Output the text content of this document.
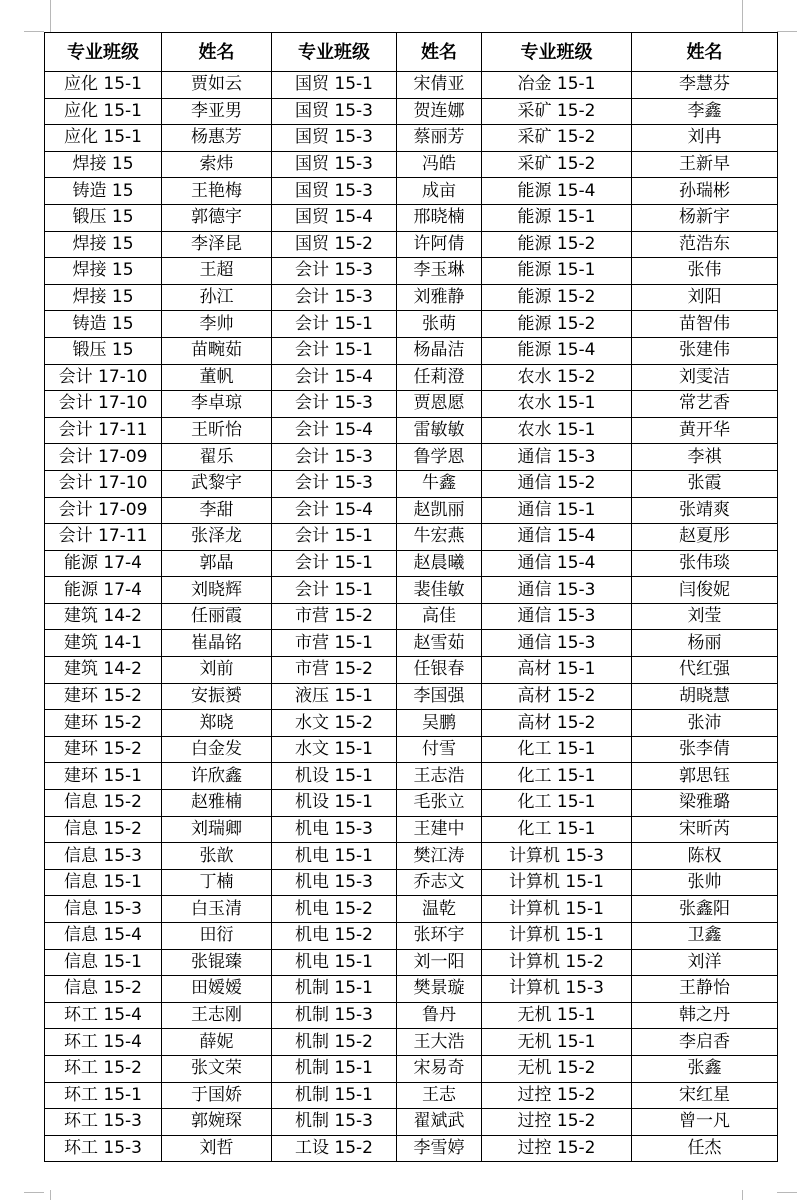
专业班级	姓名	专业班级	姓名	专业班级	姓名
应化 15-1	贾如云	国贸 15-1	宋倩亚	冶金 15-1	李慧芬
应化 15-1	李亚男	国贸 15-3	贺连娜	采矿 15-2	李鑫
应化 15-1	杨惠芳	国贸 15-3	蔡丽芳	采矿 15-2	刘冉
焊接 15	索炜	国贸 15-3	冯皓	采矿 15-2	王新早
铸造 15	王艳梅	国贸 15-3	成亩	能源 15-4	孙瑞彬
锻压 15	郭德宇	国贸 15-4	邢晓楠	能源 15-1	杨新宇
焊接 15	李泽昆	国贸 15-2	许阿倩	能源 15-2	范浩东
焊接 15	王超	会计 15-3	李玉琳	能源 15-1	张伟
焊接 15	孙江	会计 15-3	刘雅静	能源 15-2	刘阳
铸造 15	李帅	会计 15-1	张萌	能源 15-2	苗智伟
锻压 15	苗畹茹	会计 15-1	杨晶洁	能源 15-4	张建伟
会计 17-10	董帆	会计 15-4	任莉澄	农水 15-2	刘雯洁
会计 17-10	李卓琼	会计 15-3	贾恩愿	农水 15-1	常艺香
会计 17-11	王昕怡	会计 15-4	雷敏敏	农水 15-1	黄开华
会计 17-09	翟乐	会计 15-3	鲁学恩	通信 15-3	李祺
会计 17-10	武黎宇	会计 15-3	牛鑫	通信 15-2	张霞
会计 17-09	李甜	会计 15-4	赵凯丽	通信 15-1	张靖爽
会计 17-11	张泽龙	会计 15-1	牛宏燕	通信 15-4	赵夏彤
能源 17-4	郭晶	会计 15-1	赵晨曦	通信 15-4	张伟琰
能源 17-4	刘晓辉	会计 15-1	裴佳敏	通信 15-3	闫俊妮
建筑 14-2	任丽霞	市营 15-2	高佳	通信 15-3	刘莹
建筑 14-1	崔晶铭	市营 15-1	赵雪茹	通信 15-3	杨丽
建筑 14-2	刘前	市营 15-2	任银春	高材 15-1	代红强
建环 15-2	安振赟	液压 15-1	李国强	高材 15-2	胡晓慧
建环 15-2	郑晓	水文 15-2	吴鹏	高材 15-2	张沛
建环 15-2	白金发	水文 15-1	付雪	化工 15-1	张李倩
建环 15-1	许欣鑫	机设 15-1	王志浩	化工 15-1	郭思钰
信息 15-2	赵雅楠	机设 15-1	毛张立	化工 15-1	梁雅璐
信息 15-2	刘瑞卿	机电 15-3	王建中	化工 15-1	宋昕芮
信息 15-3	张歆	机电 15-1	樊江涛	计算机 15-3	陈权
信息 15-1	丁楠	机电 15-3	乔志文	计算机 15-1	张帅
信息 15-3	白玉清	机电 15-2	温乾	计算机 15-1	张鑫阳
信息 15-4	田衍	机电 15-2	张环宇	计算机 15-1	卫鑫
信息 15-1	张锟臻	机电 15-1	刘一阳	计算机 15-2	刘洋
信息 15-2	田嫒嫒	机制 15-1	樊景璇	计算机 15-3	王静怡
环工 15-4	王志刚	机制 15-3	鲁丹	无机 15-1	韩之丹
环工 15-4	薛妮	机制 15-2	王大浩	无机 15-1	李启香
环工 15-2	张文荣	机制 15-1	宋易奇	无机 15-2	张鑫
环工 15-1	于国娇	机制 15-1	王志	过控 15-2	宋红星
环工 15-3	郭婉琛	机制 15-3	翟斌武	过控 15-2	曾一凡
环工 15-3	刘哲	工设 15-2	李雪婷	过控 15-2	任杰
